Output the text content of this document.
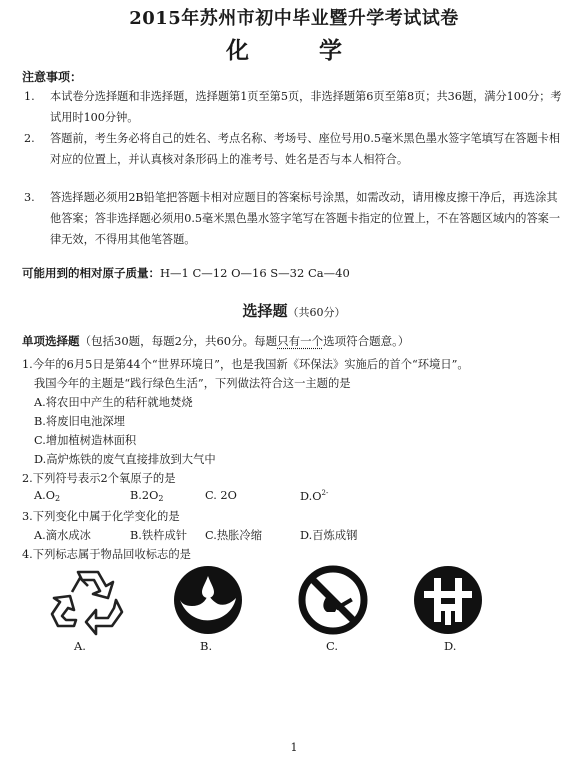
2015年苏州市初中毕业暨升学考试试卷
化 学
注意事项：
1. 本试卷分选择题和非选择题，选择题第1页至第5页，非选择题第6页至第8页；共36题，满分100分；考试用时100分钟。
2. 答题前，考生务必将自己的姓名、考点名称、考场号、座位号用0.5毫米黑色墨水签字笔填写在答题卡相对应的位置上，并认真核对条形码上的准考号、姓名是否与本人相符合。
3. 答选择题必须用2B铅笔把答题卡相对应题目的答案标号涂黑，如需改动，请用橡皮擦干净后，再选涂其他答案；答非选择题必须用0.5毫米黑色墨水签字笔写在答题卡指定的位置上，不在答题区域内的答案一律无效，不得用其他笔答题。
可能用到的相对原子质量：H—1 C—12 O—16 S—32 Ca—40
选择题（共60分）
单项选择题（包括30题，每题2分，共60分。每题只有一个选项符合题意。）
1.今年的6月5日是第44个“世界环境日”，也是我国新《环保法》实施后的首个“环境日”。
我国今年的主题是“践行绿色生活”，下列做法符合这一主题的是
A.将农田中产生的秸秆就地焚烧
B.将废旧电池深埋
C.增加植树造林面积
D.高炉炼铁的废气直接排放到大气中
2.下列符号表示2个氧原子的是
$A.O_2$	$B.2O_2$	C. 2O	$D.O^{2-}$
3.下列变化中属于化学变化的是
A.滴水成冰	B.铁杵成针 C.热胀冷缩	D.百炼成钢
4.下列标志属于物品回收标志的是
A.	B.	C.	D.
1
